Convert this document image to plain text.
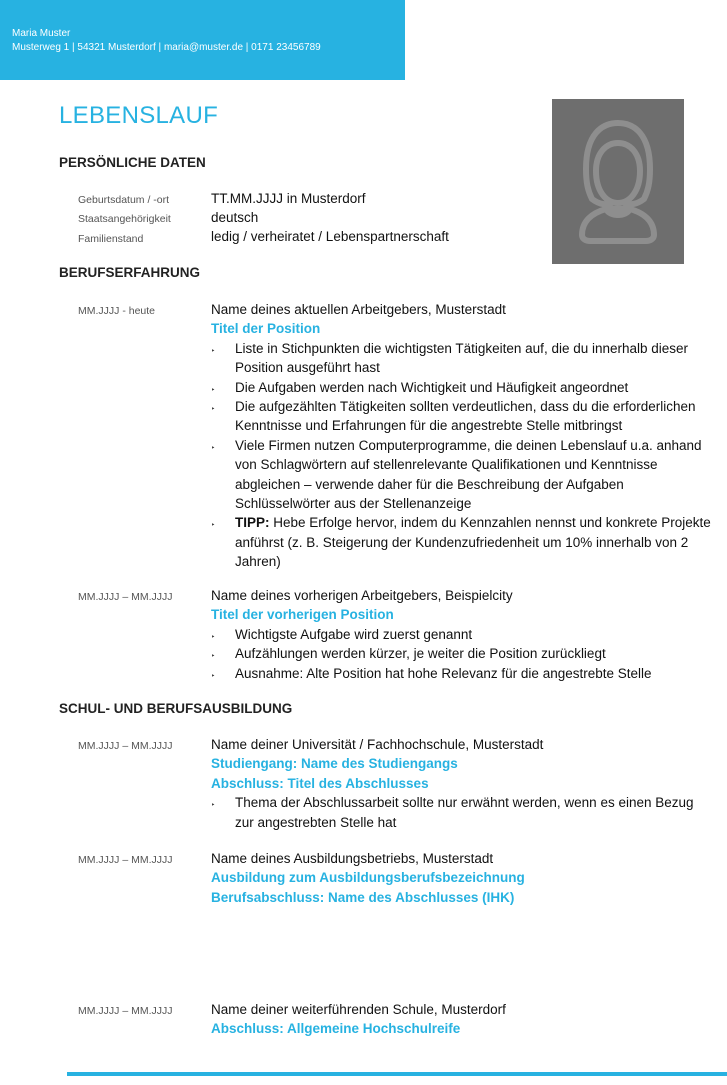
Maria Muster
Musterweg 1 | 54321 Musterdorf | maria@muster.de | 0171 23456789
LEBENSLAUF
PERSÖNLICHE DATEN
Geburtsdatum / -ort	TT.MM.JJJJ in Musterdorf
Staatsangehörigkeit	deutsch
Familienstand	ledig / verheiratet / Lebenspartnerschaft
BERUFSERFAHRUNG
MM.JJJJ - heute	Name deines aktuellen Arbeitgebers, Musterstadt
Titel der Position
‣ Liste in Stichpunkten die wichtigsten Tätigkeiten auf, die du innerhalb dieser Position ausgeführt hast
‣ Die Aufgaben werden nach Wichtigkeit und Häufigkeit angeordnet
‣ Die aufgezählten Tätigkeiten sollten verdeutlichen, dass du die erforderlichen Kenntnisse und Erfahrungen für die angestrebte Stelle mitbringst
‣ Viele Firmen nutzen Computerprogramme, die deinen Lebenslauf u.a. anhand von Schlagwörtern auf stellenrelevante Qualifikationen und Kenntnisse abgleichen – verwende daher für die Beschreibung der Aufgaben Schlüsselwörter aus der Stellenanzeige
‣ TIPP: Hebe Erfolge hervor, indem du Kennzahlen nennst und konkrete Projekte anführst (z. B. Steigerung der Kundenzufriedenheit um 10% innerhalb von 2 Jahren)
MM.JJJJ – MM.JJJJ	Name deines vorherigen Arbeitgebers, Beispielcity
Titel der vorherigen Position
‣ Wichtigste Aufgabe wird zuerst genannt
‣ Aufzählungen werden kürzer, je weiter die Position zurückliegt
‣ Ausnahme: Alte Position hat hohe Relevanz für die angestrebte Stelle
SCHUL- UND BERUFSAUSBILDUNG
MM.JJJJ – MM.JJJJ	Name deiner Universität / Fachhochschule, Musterstadt
Studiengang: Name des Studiengangs
Abschluss: Titel des Abschlusses
‣ Thema der Abschlussarbeit sollte nur erwähnt werden, wenn es einen Bezug zur angestrebten Stelle hat
MM.JJJJ – MM.JJJJ	Name deines Ausbildungsbetriebs, Musterstadt
Ausbildung zum Ausbildungsberufsbezeichnung
Berufsabschluss: Name des Abschlusses (IHK)
MM.JJJJ – MM.JJJJ	Name deiner weiterführenden Schule, Musterdorf
Abschluss: Allgemeine Hochschulreife
